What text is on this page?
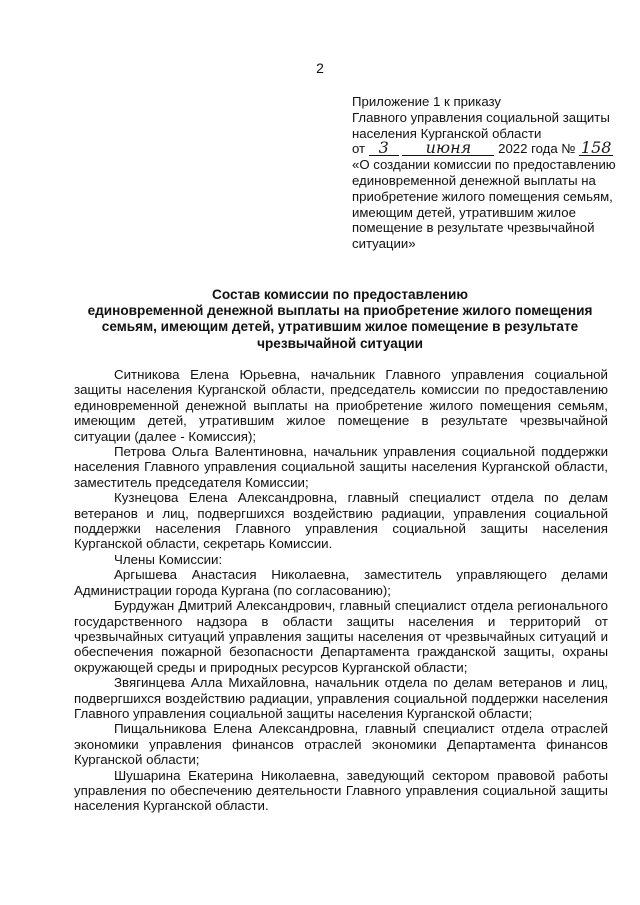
2
Приложение 1 к приказу
Главного управления социальной защиты
населения Курганской области
от 3 июня 2022 года № 158
«О создании комиссии по предоставлению
единовременной денежной выплаты на
приобретение жилого помещения семьям,
имеющим детей, утратившим жилое
помещение в результате чрезвычайной
ситуации»
Состав комиссии по предоставлению
единовременной денежной выплаты на приобретение жилого помещения
семьям, имеющим детей, утратившим жилое помещение в результате
чрезвычайной ситуации

Ситникова Елена Юрьевна, начальник Главного управления социальной защиты населения Курганской области, председатель комиссии по предоставлению единовременной денежной выплаты на приобретение жилого помещения семьям, имеющим детей, утратившим жилое помещение в результате чрезвычайной ситуации (далее - Комиссия);

Петрова Ольга Валентиновна, начальник управления социальной поддержки населения Главного управления социальной защиты населения Курганской области, заместитель председателя Комиссии;

Кузнецова Елена Александровна, главный специалист отдела по делам ветеранов и лиц, подвергшихся воздействию радиации, управления социальной поддержки населения Главного управления социальной защиты населения Курганской области, секретарь Комиссии.

Члены Комиссии:

Аргышева Анастасия Николаевна, заместитель управляющего делами Администрации города Кургана (по согласованию);

Бурдужан Дмитрий Александрович, главный специалист отдела регионального государственного надзора в области защиты населения и территорий от чрезвычайных ситуаций управления защиты населения от чрезвычайных ситуаций и обеспечения пожарной безопасности Департамента гражданской защиты, охраны окружающей среды и природных ресурсов Курганской области;

Звягинцева Алла Михайловна, начальник отдела по делам ветеранов и лиц, подвергшихся воздействию радиации, управления социальной поддержки населения Главного управления социальной защиты населения Курганской области;

Пищальникова Елена Александровна, главный специалист отдела отраслей экономики управления финансов отраслей экономики Департамента финансов Курганской области;

Шушарина Екатерина Николаевна, заведующий сектором правовой работы управления по обеспечению деятельности Главного управления социальной защиты населения Курганской области.
